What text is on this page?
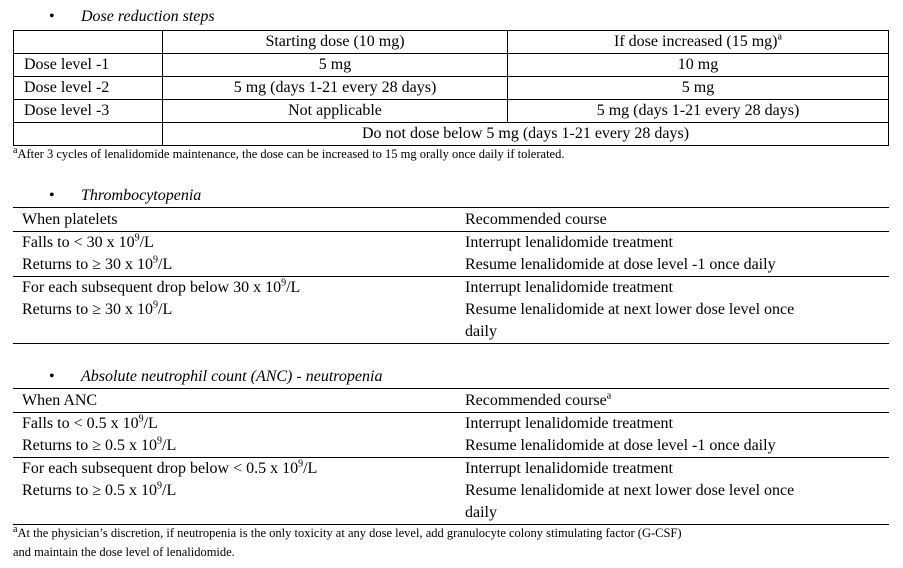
• Dose reduction steps
	Starting dose (10 mg)	If dose increased (15 mg)$^a$
Dose level -1	5 mg	10 mg
Dose level -2	5 mg (days 1-21 every 28 days)	5 mg
Dose level -3	Not applicable	5 mg (days 1-21 every 28 days)
	Do not dose below 5 mg (days 1-21 every 28 days)	
$^a$After 3 cycles of lenalidomide maintenance, the dose can be increased to 15 mg orally once daily if tolerated.
• Thrombocytopenia
When platelets	Recommended course
Falls to < 30 x $10^9/L$	Interrupt lenalidomide treatment
Returns to ≥ 30 x $10^9/L$	Resume lenalidomide at dose level -1 once daily
For each subsequent drop below 30 x $10^9/L$	Interrupt lenalidomide treatment
Returns to ≥ 30 x $10^9/L$	Resume lenalidomide at next lower dose level once
daily
• Absolute neutrophil count (ANC) - neutropenia
When ANC	Recommended course$^a$
Falls to < 0.5 x $10^9/L$	Interrupt lenalidomide treatment
Returns to ≥ 0.5 x $10^9/L$	Resume lenalidomide at dose level -1 once daily
For each subsequent drop below < 0.5 x $10^9/L$	Interrupt lenalidomide treatment
Returns to ≥ 0.5 x $10^9/L$	Resume lenalidomide at next lower dose level once
daily
$^a$At the physician’s discretion, if neutropenia is the only toxicity at any dose level, add granulocyte colony stimulating factor (G-CSF)
and maintain the dose level of lenalidomide.
